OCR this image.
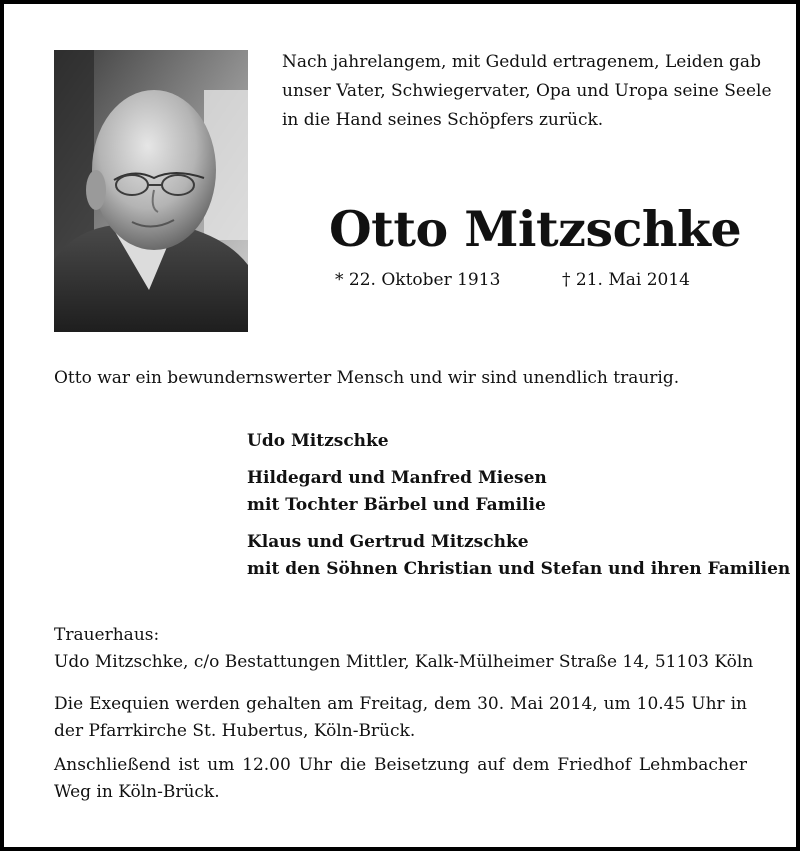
Nach jahrelangem, mit Geduld ertragenem, Leiden gab
unser Vater, Schwiegervater, Opa und Uropa seine Seele
in die Hand seines Schöpfers zurück.
Otto Mitzschke
* 22. Oktober 1913	† 21. Mai 2014
Otto war ein bewundernswerter Mensch und wir sind unendlich traurig.
Udo Mitzschke
Hildegard und Manfred Miesen
mit Tochter Bärbel und Familie
Klaus und Gertrud Mitzschke
mit den Söhnen Christian und Stefan und ihren Familien
Trauerhaus:
Udo Mitzschke, c/o Bestattungen Mittler, Kalk-Mülheimer Straße 14, 51103 Köln

Die Exequien werden gehalten am Freitag, dem 30. Mai 2014, um 10.45 Uhr in der Pfarrkirche St. Hubertus, Köln-Brück.

Anschließend ist um 12.00 Uhr die Beisetzung auf dem Friedhof Lehmbacher Weg in Köln-Brück.
